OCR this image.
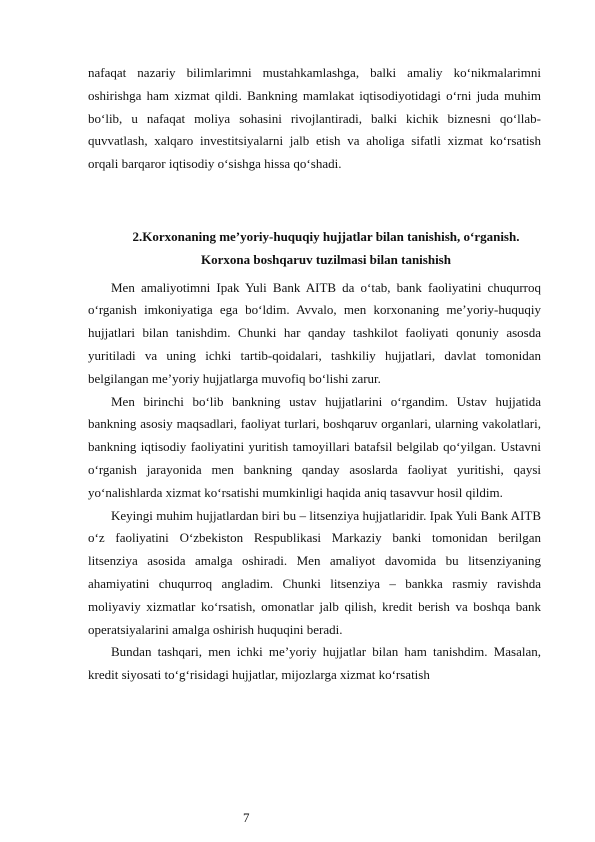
nafaqat nazariy bilimlarimni mustahkamlashga, balki amaliy ko‘nikmalarimni oshirishga ham xizmat qildi. Bankning mamlakat iqtisodiyotidagi o‘rni juda muhim bo‘lib, u nafaqat moliya sohasini rivojlantiradi, balki kichik biznesni qo‘llab-quvvatlash, xalqaro investitsiyalarni jalb etish va aholiga sifatli xizmat ko‘rsatish orqali barqaror iqtisodiy o‘sishga hissa qo‘shadi.

2.Korxonaning me’yoriy-huquqiy hujjatlar bilan tanishish, o‘rganish.
Korxona boshqaruv tuzilmasi bilan tanishish

Men amaliyotimni Ipak Yuli Bank AITB da o‘tab, bank faoliyatini chuqurroq o‘rganish imkoniyatiga ega bo‘ldim. Avvalo, men korxonaning me’yoriy-huquqiy hujjatlari bilan tanishdim. Chunki har qanday tashkilot faoliyati qonuniy asosda yuritiladi va uning ichki tartib-qoidalari, tashkiliy hujjatlari, davlat tomonidan belgilangan me’yoriy hujjatlarga muvofiq bo‘lishi zarur.

Men birinchi bo‘lib bankning ustav hujjatlarini o‘rgandim. Ustav hujjatida bankning asosiy maqsadlari, faoliyat turlari, boshqaruv organlari, ularning vakolatlari, bankning iqtisodiy faoliyatini yuritish tamoyillari batafsil belgilab qo‘yilgan. Ustavni o‘rganish jarayonida men bankning qanday asoslarda faoliyat yuritishi, qaysi yo‘nalishlarda xizmat ko‘rsatishi mumkinligi haqida aniq tasavvur hosil qildim.

Keyingi muhim hujjatlardan biri bu – litsenziya hujjatlaridir. Ipak Yuli Bank AITB o‘z faoliyatini O‘zbekiston Respublikasi Markaziy banki tomonidan berilgan litsenziya asosida amalga oshiradi. Men amaliyot davomida bu litsenziyaning ahamiyatini chuqurroq angladim. Chunki litsenziya – bankka rasmiy ravishda moliyaviy xizmatlar ko‘rsatish, omonatlar jalb qilish, kredit berish va boshqa bank operatsiyalarini amalga oshirish huquqini beradi.

Bundan tashqari, men ichki me’yoriy hujjatlar bilan ham tanishdim. Masalan, kredit siyosati to‘g‘risidagi hujjatlar, mijozlarga xizmat ko‘rsatish

7
